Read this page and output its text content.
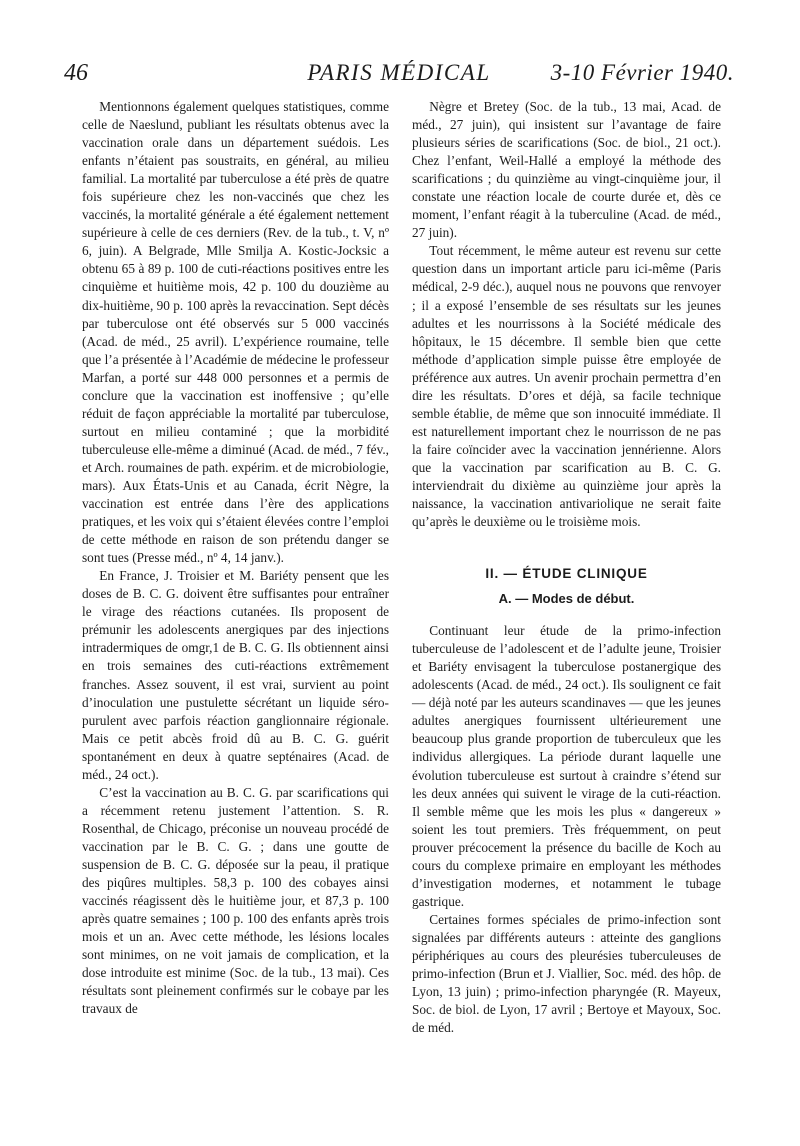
46	PARIS MÉDICAL	3-10 Février 1940.

Mentionnons également quelques statistiques, comme celle de Naeslund, publiant les résultats obtenus avec la vaccination orale dans un département suédois. Les enfants n’étaient pas soustraits, en général, au milieu familial. La mortalité par tuberculose a été près de quatre fois supérieure chez les non-vaccinés que chez les vaccinés, la mortalité générale a été également nettement supérieure à celle de ces derniers (Rev. de la tub., t. V, nº 6, juin). A Belgrade, Mlle Smilja A. Kostic-Jocksic a obtenu 65 à 89 p. 100 de cuti-réactions positives entre les cinquième et huitième mois, 42 p. 100 du douzième au dix-huitième, 90 p. 100 après la revaccination. Sept décès par tuberculose ont été observés sur 5 000 vaccinés (Acad. de méd., 25 avril). L’expérience roumaine, telle que l’a présentée à l’Académie de médecine le professeur Marfan, a porté sur 448 000 personnes et a permis de conclure que la vaccination est inoffensive ; qu’elle réduit de façon appréciable la mortalité par tuberculose, surtout en milieu contaminé ; que la morbidité tuberculeuse elle-même a diminué (Acad. de méd., 7 fév., et Arch. roumaines de path. expérim. et de microbiologie, mars). Aux États-Unis et au Canada, écrit Nègre, la vaccination est entrée dans l’ère des applications pratiques, et les voix qui s’étaient élevées contre l’emploi de cette méthode en raison de son prétendu danger se sont tues (Presse méd., nº 4, 14 janv.).

En France, J. Troisier et M. Bariéty pensent que les doses de B. C. G. doivent être suffisantes pour entraîner le virage des réactions cutanées. Ils proposent de prémunir les adolescents anergiques par des injections intradermiques de omgr,1 de B. C. G. Ils obtiennent ainsi en trois semaines des cuti-réactions extrêmement franches. Assez souvent, il est vrai, survient au point d’inoculation une pustulette sécrétant un liquide séro-purulent avec parfois réaction ganglionnaire régionale. Mais ce petit abcès froid dû au B. C. G. guérit spontanément en deux à quatre septénaires (Acad. de méd., 24 oct.).

C’est la vaccination au B. C. G. par scarifications qui a récemment retenu justement l’attention. S. R. Rosenthal, de Chicago, préconise un nouveau procédé de vaccination par le B. C. G. ; dans une goutte de suspension de B. C. G. déposée sur la peau, il pratique des piqûres multiples. 58,3 p. 100 des cobayes ainsi vaccinés réagissent dès le huitième jour, et 87,3 p. 100 après quatre semaines ; 100 p. 100 des enfants après trois mois et un an. Avec cette méthode, les lésions locales sont minimes, on ne voit jamais de complication, et la dose introduite est minime (Soc. de la tub., 13 mai). Ces résultats sont pleinement confirmés sur le cobaye par les travaux de

Nègre et Bretey (Soc. de la tub., 13 mai, Acad. de méd., 27 juin), qui insistent sur l’avantage de faire plusieurs séries de scarifications (Soc. de biol., 21 oct.). Chez l’enfant, Weil-Hallé a employé la méthode des scarifications ; du quinzième au vingt-cinquième jour, il constate une réaction locale de courte durée et, dès ce moment, l’enfant réagit à la tuberculine (Acad. de méd., 27 juin).

Tout récemment, le même auteur est revenu sur cette question dans un important article paru ici-même (Paris médical, 2-9 déc.), auquel nous ne pouvons que renvoyer ; il a exposé l’ensemble de ses résultats sur les jeunes adultes et les nourrissons à la Société médicale des hôpitaux, le 15 décembre. Il semble bien que cette méthode d’application simple puisse être employée de préférence aux autres. Un avenir prochain permettra d’en dire les résultats. D’ores et déjà, sa facile technique semble établie, de même que son innocuité immédiate. Il est naturellement important chez le nourrisson de ne pas la faire coïncider avec la vaccination jennérienne. Alors que la vaccination par scarification au B. C. G. interviendrait du dixième au quinzième jour après la naissance, la vaccination antivariolique ne serait faite qu’après le deuxième ou le troisième mois.

II. — ÉTUDE CLINIQUE
A. — Modes de début.

Continuant leur étude de la primo-infection tuberculeuse de l’adolescent et de l’adulte jeune, Troisier et Bariéty envisagent la tuberculose postanergique des adolescents (Acad. de méd., 24 oct.). Ils soulignent ce fait — déjà noté par les auteurs scandinaves — que les jeunes adultes anergiques fournissent ultérieurement une beaucoup plus grande proportion de tuberculeux que les individus allergiques. La période durant laquelle une évolution tuberculeuse est surtout à craindre s’étend sur les deux années qui suivent le virage de la cuti-réaction. Il semble même que les mois les plus « dangereux » soient les tout premiers. Très fréquemment, on peut prouver précocement la présence du bacille de Koch au cours du complexe primaire en employant les méthodes d’investigation modernes, et notamment le tubage gastrique.

Certaines formes spéciales de primo-infection sont signalées par différents auteurs : atteinte des ganglions périphériques au cours des pleurésies tuberculeuses de primo-infection (Brun et J. Viallier, Soc. méd. des hôp. de Lyon, 13 juin) ; primo-infection pharyngée (R. Mayeux, Soc. de biol. de Lyon, 17 avril ; Bertoye et Mayoux, Soc. de méd.
